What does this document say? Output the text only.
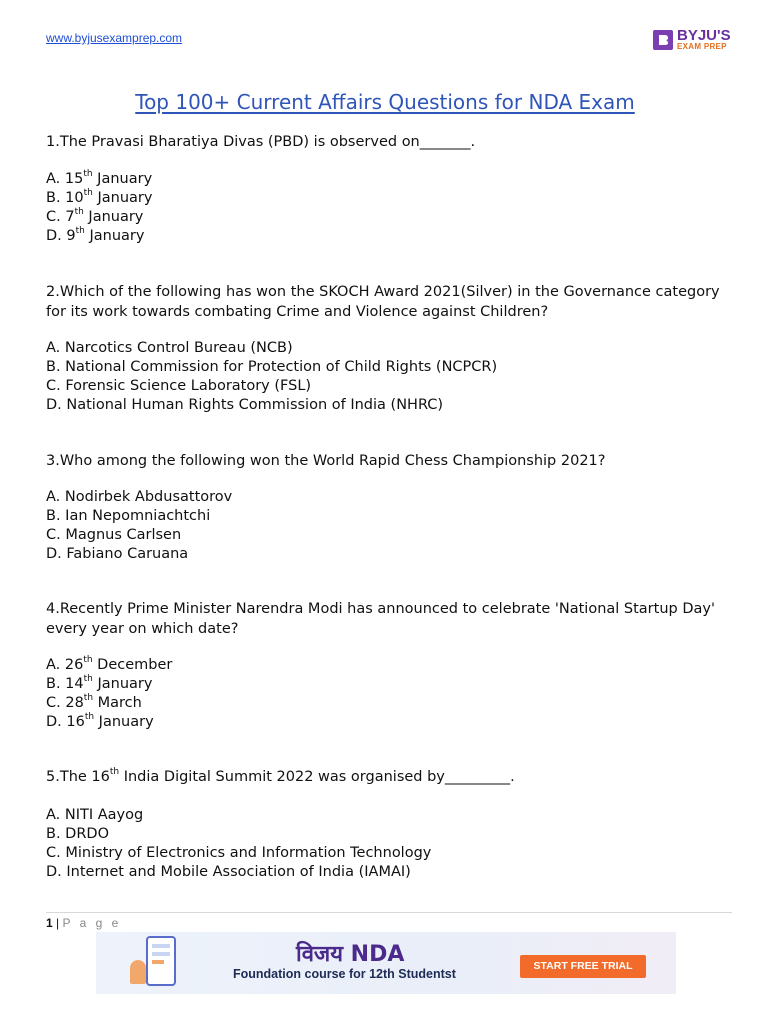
www.byjusexamprep.com	BYJU'S
EXAM PREP
Top 100+ Current Affairs Questions for NDA Exam

1.The Pravasi Bharatiya Divas (PBD) is observed on_______.

A. 15th January
B. 10th January
C. 7th January
D. 9th January

2.Which of the following has won the SKOCH Award 2021(Silver) in the Governance category for its work towards combating Crime and Violence against Children?

A. Narcotics Control Bureau (NCB)
B. National Commission for Protection of Child Rights (NCPCR)
C. Forensic Science Laboratory (FSL)
D. National Human Rights Commission of India (NHRC)

3.Who among the following won the World Rapid Chess Championship 2021?

A. Nodirbek Abdusattorov
B. Ian Nepomniachtchi
C. Magnus Carlsen
D. Fabiano Caruana

4.Recently Prime Minister Narendra Modi has announced to celebrate 'National Startup Day' every year on which date?

A. 26th December
B. 14th January
C. 28th March
D. 16th January

5.The 16th India Digital Summit 2022 was organised by_________.

A. NITI Aayog
B. DRDO
C. Ministry of Electronics and Information Technology
D. Internet and Mobile Association of India (IAMAI)
1 | P a g e
विजय NDA
Foundation course for 12th Studentst
START FREE TRIAL
